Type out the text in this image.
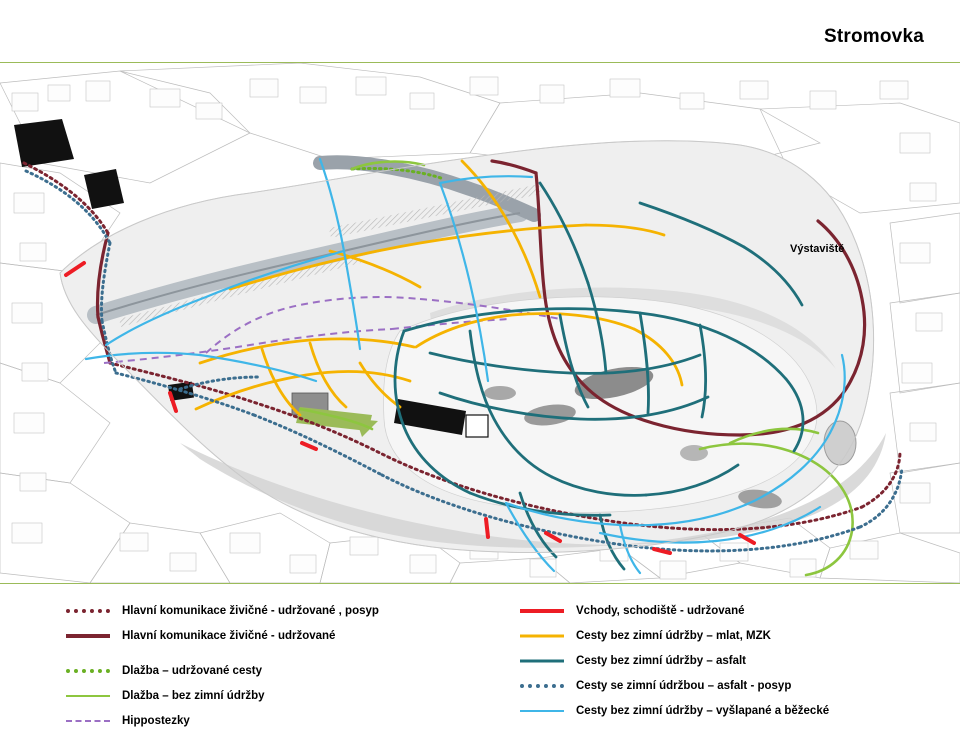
Stromovka
Výstaviště
Hlavní komunikace živičné - udržované , posyp
Hlavní komunikace živičné - udržované
Dlažba – udržované cesty
Dlažba – bez zimní údržby
Hippostezky
Vchody, schodiště - udržované
Cesty bez zimní údržby – mlat, MZK
Cesty bez zimní údržby – asfalt
Cesty se zimní údržbou – asfalt - posyp
Cesty bez zimní údržby – vyšlapané a běžecké
